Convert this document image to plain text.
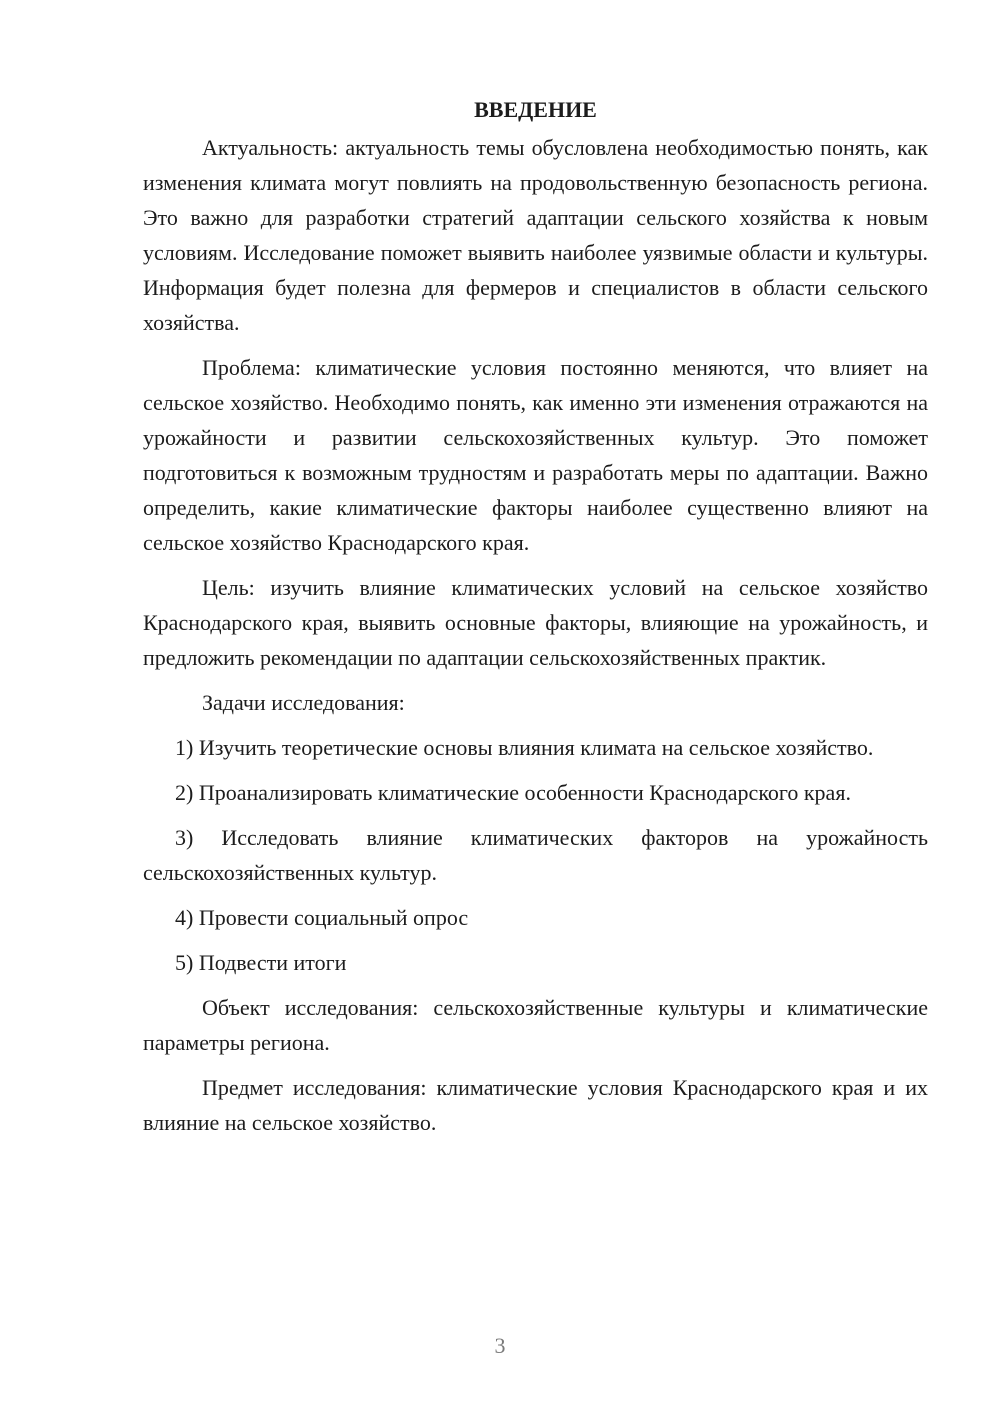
ВВЕДЕНИЕ

Актуальность: актуальность темы обусловлена необходимостью понять, как изменения климата могут повлиять на продовольственную безопасность региона. Это важно для разработки стратегий адаптации сельского хозяйства к новым условиям. Исследование поможет выявить наиболее уязвимые области и культуры. Информация будет полезна для фермеров и специалистов в области сельского хозяйства.

Проблема: климатические условия постоянно меняются, что влияет на сельское хозяйство. Необходимо понять, как именно эти изменения отражаются на урожайности и развитии сельскохозяйственных культур. Это поможет подготовиться к возможным трудностям и разработать меры по адаптации. Важно определить, какие климатические факторы наиболее существенно влияют на сельское хозяйство Краснодарского края.

Цель: изучить влияние климатических условий на сельское хозяйство Краснодарского края, выявить основные факторы, влияющие на урожайность, и предложить рекомендации по адаптации сельскохозяйственных практик.

Задачи исследования:

1) Изучить теоретические основы влияния климата на сельское хозяйство.

2) Проанализировать климатические особенности Краснодарского края.

3) Исследовать влияние климатических факторов на урожайность сельскохозяйственных культур.

4) Провести социальный опрос

5) Подвести итоги

Объект исследования: сельскохозяйственные культуры и климатические параметры региона.

Предмет исследования: климатические условия Краснодарского края и их влияние на сельское хозяйство.

3
